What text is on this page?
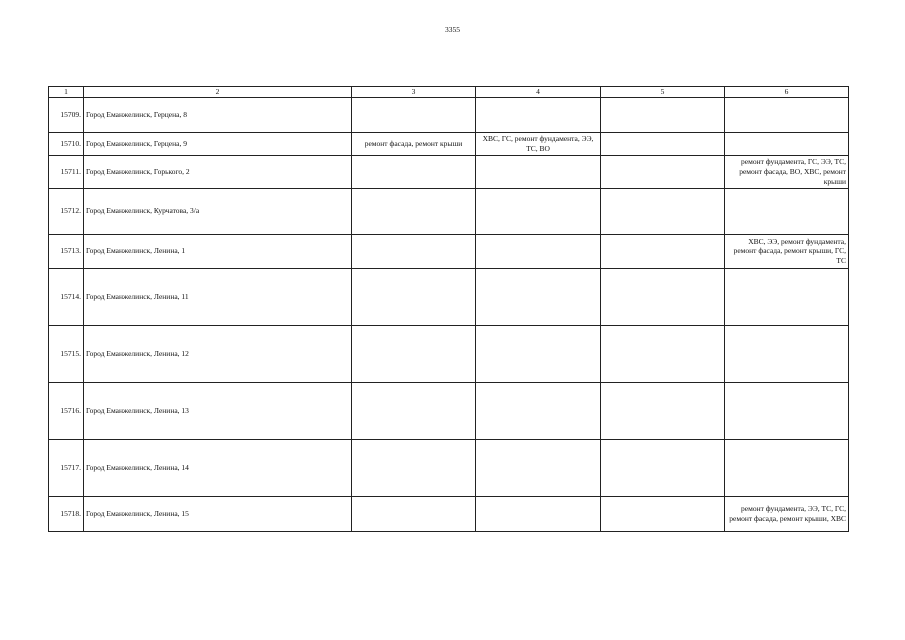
3355
1	2	3	4	5	6
15709.	Город Еманжелинск, Герцена, 8				
15710.	Город Еманжелинск, Герцена, 9	ремонт фасада, ремонт крыши	ХВС, ГС, ремонт фундамента, ЭЭ, ТС, ВО		
15711.	Город Еманжелинск, Горького, 2				ремонт фундамента, ГС, ЭЭ, ТС, ремонт фасада, ВО, ХВС, ремонт крыши
15712.	Город Еманжелинск, Курчатова, 3/а				
15713.	Город Еманжелинск, Ленина, 1				ХВС, ЭЭ, ремонт фундамента, ремонт фасада, ремонт крыши, ГС, ТС
15714.	Город Еманжелинск, Ленина, 11				
15715.	Город Еманжелинск, Ленина, 12				
15716.	Город Еманжелинск, Ленина, 13				
15717.	Город Еманжелинск, Ленина, 14				
15718.	Город Еманжелинск, Ленина, 15				ремонт фундамента, ЭЭ, ТС, ГС, ремонт фасада, ремонт крыши, ХВС
